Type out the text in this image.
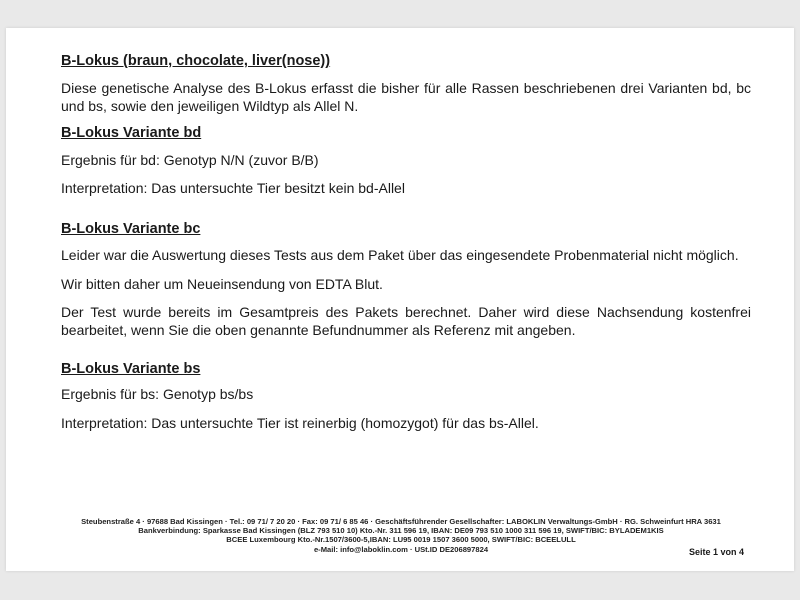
B-Lokus (braun, chocolate, liver(nose))

Diese genetische Analyse des B-Lokus erfasst die bisher für alle Rassen beschriebenen drei Varianten bd, bc und bs, sowie den jeweiligen Wildtyp als Allel N.

B-Lokus Variante bd

Ergebnis für bd: Genotyp N/N (zuvor B/B)

Interpretation: Das untersuchte Tier besitzt kein bd-Allel

B-Lokus Variante bc

Leider war die Auswertung dieses Tests aus dem Paket über das eingesendete Probenmaterial nicht möglich.

Wir bitten daher um Neueinsendung von EDTA Blut.

Der Test wurde bereits im Gesamtpreis des Pakets berechnet. Daher wird diese Nachsendung kostenfrei bearbeitet, wenn Sie die oben genannte Befundnummer als Referenz mit angeben.

B-Lokus Variante bs

Ergebnis für bs: Genotyp bs/bs

Interpretation: Das untersuchte Tier ist reinerbig (homozygot) für das bs-Allel.

Steubenstraße 4 · 97688 Bad Kissingen · Tel.: 09 71/ 7 20 20 · Fax: 09 71/ 6 85 46 · Geschäftsführender Gesellschafter: LABOKLIN Verwaltungs-GmbH · RG. Schweinfurt HRA 3631
Bankverbindung: Sparkasse Bad Kissingen (BLZ 793 510 10) Kto.-Nr. 311 596 19, IBAN: DE09 793 510 1000 311 596 19, SWIFT/BIC: BYLADEM1KIS
BCEE Luxembourg Kto.-Nr.1507/3600-5,IBAN: LU95 0019 1507 3600 5000, SWIFT/BIC: BCEELULL
e-Mail: info@laboklin.com · USt.ID DE206897824	Seite 1 von 4
